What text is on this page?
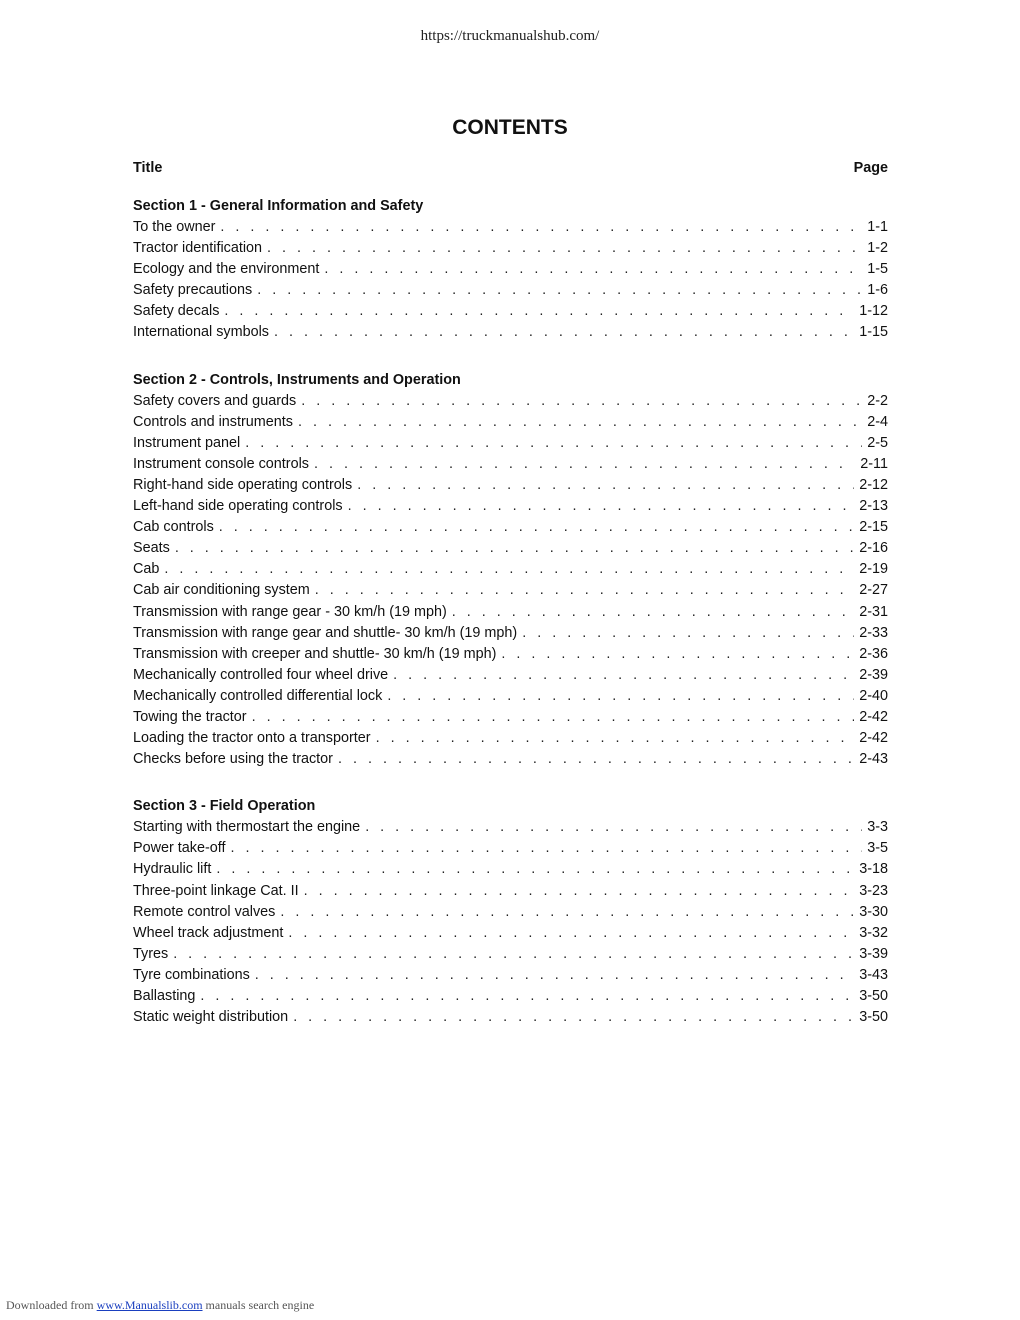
https://truckmanualshub.com/
CONTENTS
Title	Page
Section 1 - General Information and Safety
To the owner . . .	1-1
Tractor identification . . .	1-2
Ecology and the environment . . .	1-5
Safety precautions . . .	1-6
Safety decals . . .	1-12
International symbols . . .	1-15
Section 2 - Controls, Instruments and Operation
Safety covers and guards . . .	2-2
Controls and instruments . . .	2-4
Instrument panel . . .	2-5
Instrument console controls . . .	2-11
Right-hand side operating controls . . .	2-12
Left-hand side operating controls . . .	2-13
Cab controls . . .	2-15
Seats . . .	2-16
Cab . . .	2-19
Cab air conditioning system . . .	2-27
Transmission with range gear - 30 km/h (19 mph) . . .	2-31
Transmission with range gear and shuttle- 30 km/h (19 mph) . . .	2-33
Transmission with creeper and shuttle- 30 km/h (19 mph) . . .	2-36
Mechanically controlled four wheel drive . . .	2-39
Mechanically controlled differential lock . . .	2-40
Towing the tractor . . .	2-42
Loading the tractor onto a transporter . . .	2-42
Checks before using the tractor . . .	2-43
Section 3 - Field Operation
Starting with thermostart the engine . . .	3-3
Power take-off . . .	3-5
Hydraulic lift . . .	3-18
Three-point linkage Cat. II . . .	3-23
Remote control valves . . .	3-30
Wheel track adjustment . . .	3-32
Tyres . . .	3-39
Tyre combinations . . .	3-43
Ballasting . . .	3-50
Static weight distribution . . .	3-50
Downloaded from www.Manualslib.com manuals search engine
